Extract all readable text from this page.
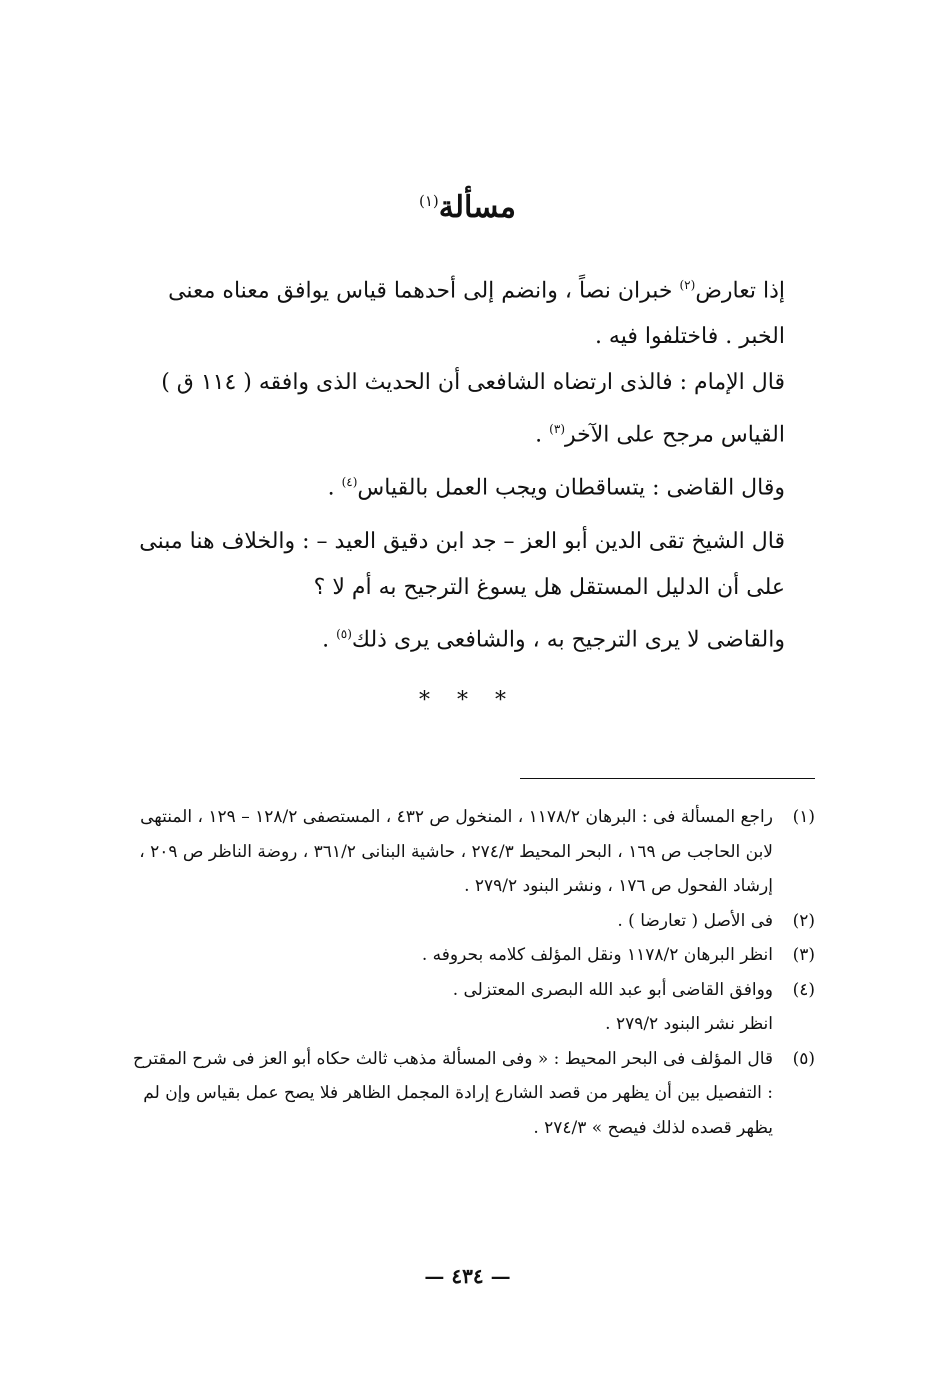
مسألة$^{(١)}$

إذا تعارض$^{(٢)}$ خبران نصاً ، وانضم إلى أحدهما قياس يوافق معناه معنى الخبر . فاختلفوا فيه .

قال الإمام : فالذى ارتضاه الشافعى أن الحديث الذى وافقه ( ١١٤ ق ) القياس مرجح على الآخر$^{(٣)}$ .

وقال القاضى : يتساقطان ويجب العمل بالقياس$^{(٤)}$ .

قال الشيخ تقى الدين أبو العز – جد ابن دقيق العيد – : والخلاف هنا مبنى على أن الدليل المستقل هل يسوغ الترجيح به أم لا ؟

والقاضى لا يرى الترجيح به ، والشافعى يرى ذلك$^{(٥)}$ .

* * *
(١)
راجع المسألة فى : البرهان ١١٧٨/٢ ، المنخول ص ٤٣٢ ، المستصفى ١٢٨/٢ – ١٢٩ ، المنتهى لابن الحاجب ص ١٦٩ ، البحر المحيط ٢٧٤/٣ ، حاشية البنانى ٣٦١/٢ ، روضة الناظر ص ٢٠٩ ، إرشاد الفحول ص ١٧٦ ، ونشر البنود ٢٧٩/٢ .
(٢)
فى الأصل ( تعارضا ) .
(٣)
انظر البرهان ١١٧٨/٢ ونقل المؤلف كلامه بحروفه .
(٤)
ووافق القاضى أبو عبد الله البصرى المعتزلى .
انظر نشر البنود ٢٧٩/٢ .
(٥)
قال المؤلف فى البحر المحيط : « وفى المسألة مذهب ثالث حكاه أبو العز فى شرح المقترح : التفصيل بين أن يظهر من قصد الشارع إرادة المجمل الظاهر فلا يصح عمل بقياس وإن لم يظهر قصده لذلك فيصح » ٢٧٤/٣ .
— ٤٣٤ —
